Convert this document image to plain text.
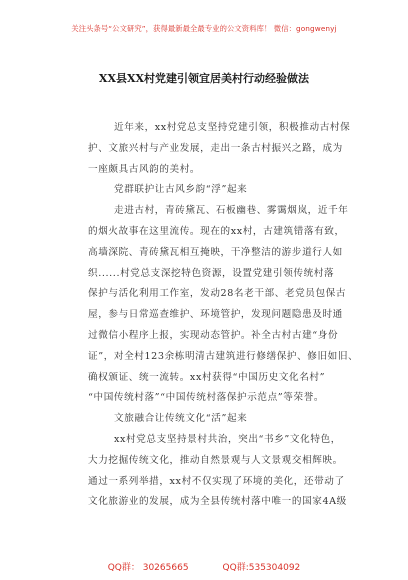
关注头条号“公文研究”，获得最新最全最专业的公文资料库！ 微信：gongwenyj
XX县XX村党建引领宜居美村行动经验做法
近年来，xx村党总支坚持党建引领，积极推动古村保
护、文旅兴村与产业发展，走出一条古村振兴之路，成为
一座颇具古风韵的美村。
党群联护让古风乡韵“浮”起来
走进古村，青砖黛瓦、石板幽巷、雾霭烟岚，近千年
的烟火故事在这里流传。现在的xx村，古建筑错落有致，
高墙深院、青砖黛瓦相互掩映，干净整洁的游步道行人如
织......村党总支深挖特色资源，设置党建引领传统村落
保护与活化利用工作室，发动28名老干部、老党员包保古
屋，参与日常巡查维护、环境管护，发现问题隐患及时通
过微信小程序上报，实现动态管护。补全古村古建“身份
证”，对全村123余栋明清古建筑进行修缮保护、修旧如旧、
确权颁证、统一流转。xx村获得“中国历史文化名村”
“中国传统村落”“中国传统村落保护示范点”等荣誉。
文旅融合让传统文化“活”起来
xx村党总支坚持景村共治，突出“书乡”文化特色，
大力挖掘传统文化，推动自然景观与人文景观交相辉映。
通过一系列举措，xx村不仅实现了环境的美化，还带动了
文化旅游业的发展，成为全县传统村落中唯一的国家4A级
QQ群： 30265665	QQ群:535304092
